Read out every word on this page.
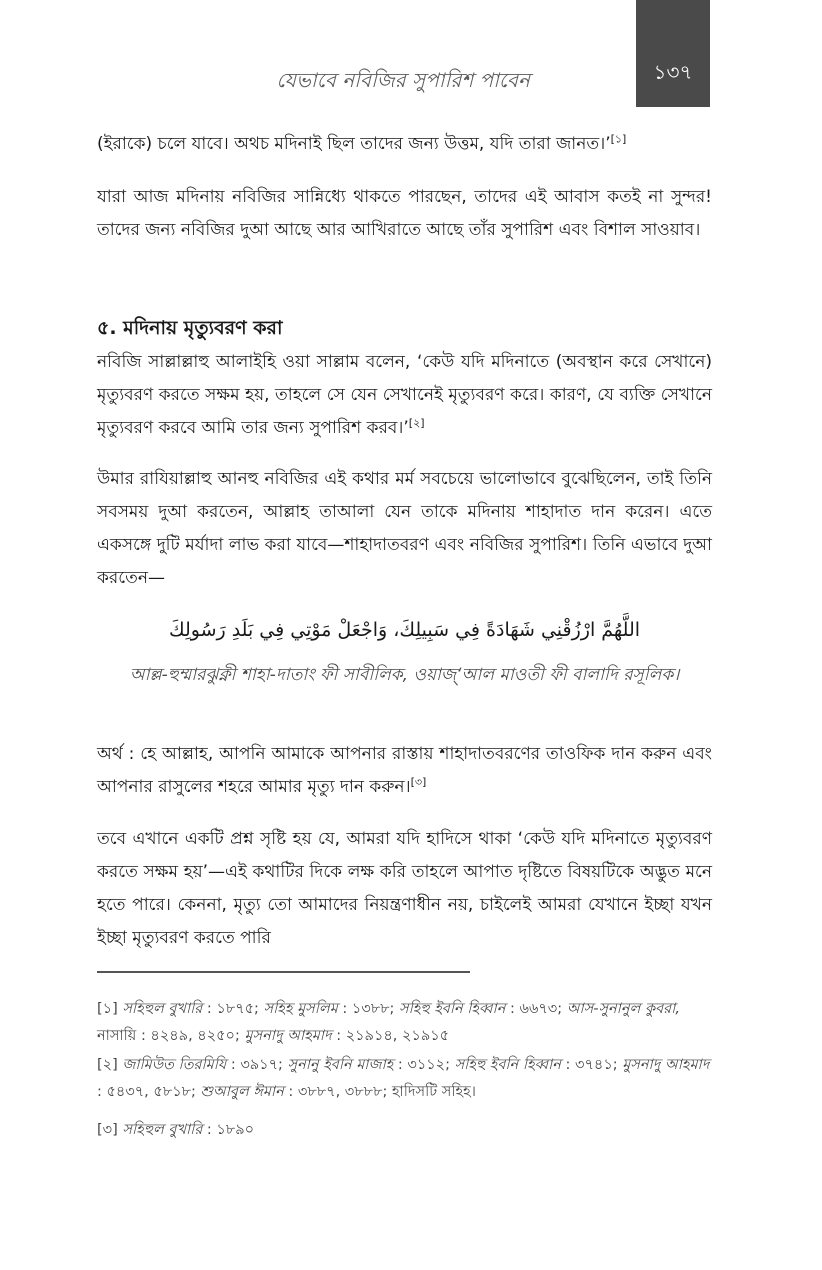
যেভাবে নবিজির সুপারিশ পাবেন	১৩৭
(ইরাকে) চলে যাবে। অথচ মদিনাই ছিল তাদের জন্য উত্তম, যদি তারা জানত।’[১]
যারা আজ মদিনায় নবিজির সান্নিধ্যে থাকতে পারছেন, তাদের এই আবাস কতই না সুন্দর! তাদের জন্য নবিজির দুআ আছে আর আখিরাতে আছে তাঁর সুপারিশ এবং বিশাল সাওয়াব।
৫. মদিনায় মৃত্যুবরণ করা
নবিজি সাল্লাল্লাহু আলাইহি ওয়া সাল্লাম বলেন, ‘কেউ যদি মদিনাতে (অবস্থান করে সেখানে) মৃত্যুবরণ করতে সক্ষম হয়, তাহলে সে যেন সেখানেই মৃত্যুবরণ করে। কারণ, যে ব্যক্তি সেখানে মৃত্যুবরণ করবে আমি তার জন্য সুপারিশ করব।’[২]
উমার রাযিয়াল্লাহু আনহু নবিজির এই কথার মর্ম সবচেয়ে ভালোভাবে বুঝেছিলেন, তাই তিনি সবসময় দুআ করতেন, আল্লাহ তাআলা যেন তাকে মদিনায় শাহাদাত দান করেন। এতে একসঙ্গে দুটি মর্যাদা লাভ করা যাবে—শাহাদাতবরণ এবং নবিজির সুপারিশ। তিনি এভাবে দুআ করতেন—
اللَّهُمَّ ارْزُقْنِي شَهَادَةً فِي سَبِيلِكَ، وَاجْعَلْ مَوْتِي فِي بَلَدِ رَسُولِكَ
আল্ল-হুম্মারঝুক্নী শাহা-দাতাং ফী সাবীলিক, ওয়াজ্‘আল মাওতী ফী বালাদি রসূলিক।
অর্থ : হে আল্লাহ, আপনি আমাকে আপনার রাস্তায় শাহাদাতবরণের তাওফিক দান করুন এবং আপনার রাসুলের শহরে আমার মৃত্যু দান করুন।[৩]
তবে এখানে একটি প্রশ্ন সৃষ্টি হয় যে, আমরা যদি হাদিসে থাকা ‘কেউ যদি মদিনাতে মৃত্যুবরণ করতে সক্ষম হয়’—এই কথাটির দিকে লক্ষ করি তাহলে আপাত দৃষ্টিতে বিষয়টিকে অদ্ভুত মনে হতে পারে। কেননা, মৃত্যু তো আমাদের নিয়ন্ত্রণাধীন নয়, চাইলেই আমরা যেখানে ইচ্ছা যখন ইচ্ছা মৃত্যুবরণ করতে পারি
[১] সহিহুল বুখারি : ১৮৭৫; সহিহ মুসলিম : ১৩৮৮; সহিহু ইবনি হিব্বান : ৬৬৭৩; আস-সুনানুল কুবরা, নাসায়ি : ৪২৪৯, ৪২৫০; মুসনাদু আহমাদ : ২১৯১৪, ২১৯১৫
[২] জামিউত তিরমিযি : ৩৯১৭; সুনানু ইবনি মাজাহ : ৩১১২; সহিহু ইবনি হিব্বান : ৩৭৪১; মুসনাদু আহমাদ : ৫৪৩৭, ৫৮১৮; শুআবুল ঈমান : ৩৮৮৭, ৩৮৮৮; হাদিসটি সহিহ।
[৩] সহিহুল বুখারি : ১৮৯০
